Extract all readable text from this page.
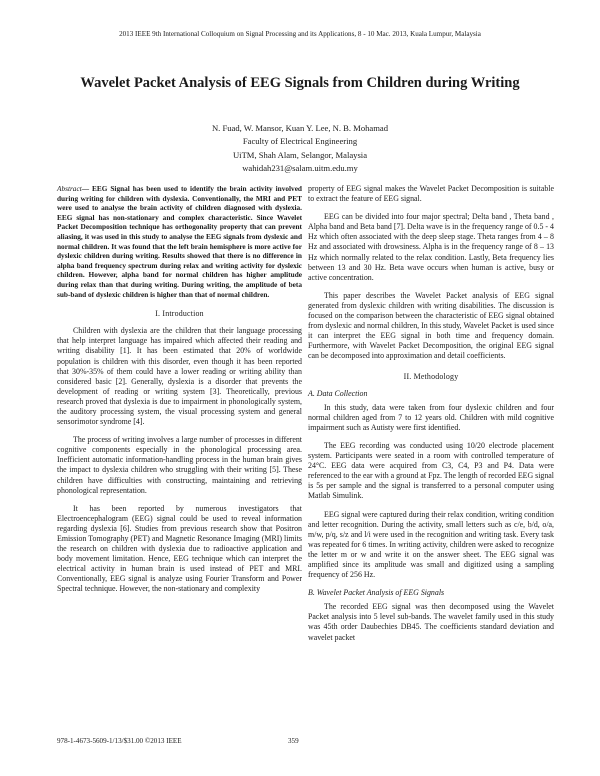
2013 IEEE 9th International Colloquium on Signal Processing and its Applications, 8 - 10 Mac. 2013, Kuala Lumpur, Malaysia
Wavelet Packet Analysis of EEG Signals from Children during Writing
N. Fuad, W. Mansor, Kuan Y. Lee, N. B. Mohamad
Faculty of Electrical Engineering
UiTM, Shah Alam, Selangor, Malaysia
wahidah231@salam.uitm.edu.my

Abstract— EEG Signal has been used to identify the brain activity involved during writing for children with dyslexia. Conventionally, the MRI and PET were used to analyse the brain activity of children diagnosed with dyslexia. EEG signal has non-stationary and complex characteristic. Since Wavelet Packet Decomposition technique has orthogonality property that can prevent aliasing, it was used in this study to analyse the EEG signals from dyslexic and normal children. It was found that the left brain hemisphere is more active for dyslexic children during writing. Results showed that there is no difference in alpha band frequency spectrum during relax and writing activity for dyslexic children. However, alpha band for normal children has higher amplitude during relax than that during writing. During writing, the amplitude of beta sub-band of dyslexic children is higher than that of normal children.

I. Introduction

Children with dyslexia are the children that their language processing that help interpret language has impaired which affected their reading and writing disability [1]. It has been estimated that 20% of worldwide population is children with this disorder, even though it has been reported that 30%-35% of them could have a lower reading or writing ability than considered basic [2]. Generally, dyslexia is a disorder that prevents the development of reading or writing system [3]. Theoretically, previous research proved that dyslexia is due to impairment in phonologically system, the auditory processing system, the visual processing system and general sensorimotor syndrome [4].

The process of writing involves a large number of processes in different cognitive components especially in the phonological processing area. Inefficient automatic information-handling process in the human brain gives the impact to dyslexia children who struggling with their writing [5]. These children have difficulties with constructing, maintaining and retrieving phonological representation.

It has been reported by numerous investigators that Electroencephalogram (EEG) signal could be used to reveal information regarding dyslexia [6]. Studies from previous research show that Positron Emission Tomography (PET) and Magnetic Resonance Imaging (MRI) limits the research on children with dyslexia due to radioactive application and body movement limitation. Hence, EEG technique which can interpret the electrical activity in human brain is used instead of PET and MRI. Conventionally, EEG signal is analyze using Fourier Transform and Power Spectral technique. However, the non-stationary and complexity

property of EEG signal makes the Wavelet Packet Decomposition is suitable to extract the feature of EEG signal.

EEG can be divided into four major spectral; Delta band , Theta band , Alpha band and Beta band [7]. Delta wave is in the frequency range of 0.5 - 4 Hz which often associated with the deep sleep stage. Theta ranges from 4 – 8 Hz and associated with drowsiness. Alpha is in the frequency range of 8 – 13 Hz which normally related to the relax condition. Lastly, Beta frequency lies between 13 and 30 Hz. Beta wave occurs when human is active, busy or active concentration.

This paper describes the Wavelet Packet analysis of EEG signal generated from dyslexic children with writing disabilities. The discussion is focused on the comparison between the characteristic of EEG signal obtained from dyslexic and normal children, In this study, Wavelet Packet is used since it can interpret the EEG signal in both time and frequency domain. Furthermore, with Wavelet Packet Decomposition, the original EEG signal can be decomposed into approximation and detail coefficients.

II. Methodology
A. Data Collection

In this study, data were taken from four dyslexic children and four normal children aged from 7 to 12 years old. Children with mild cognitive impairment such as Autisty were first identified.

The EEG recording was conducted using 10/20 electrode placement system. Participants were seated in a room with controlled temperature of 24°C. EEG data were acquired from C3, C4, P3 and P4. Data were referenced to the ear with a ground at Fpz. The length of recorded EEG signal is 5s per sample and the signal is transferred to a personal computer using Matlab Simulink.

EEG signal were captured during their relax condition, writing condition and letter recognition. During the activity, small letters such as c/e, b/d, o/a, m/w, p/q, s/z and l/i were used in the recognition and writing task. Every task was repeated for 6 times. In writing activity, children were asked to recognize the letter m or w and write it on the answer sheet. The EEG signal was amplified since its amplitude was small and digitized using a sampling frequency of 256 Hz.

B. Wavelet Packet Analysis of EEG Signals

The recorded EEG signal was then decomposed using the Wavelet Packet analysis into 5 level sub-bands. The wavelet family used in this study was 45th order Daubechies DB45. The coefficients standard deviation and wavelet packet

978-1-4673-5609-1/13/$31.00 ©2013 IEEE	359
